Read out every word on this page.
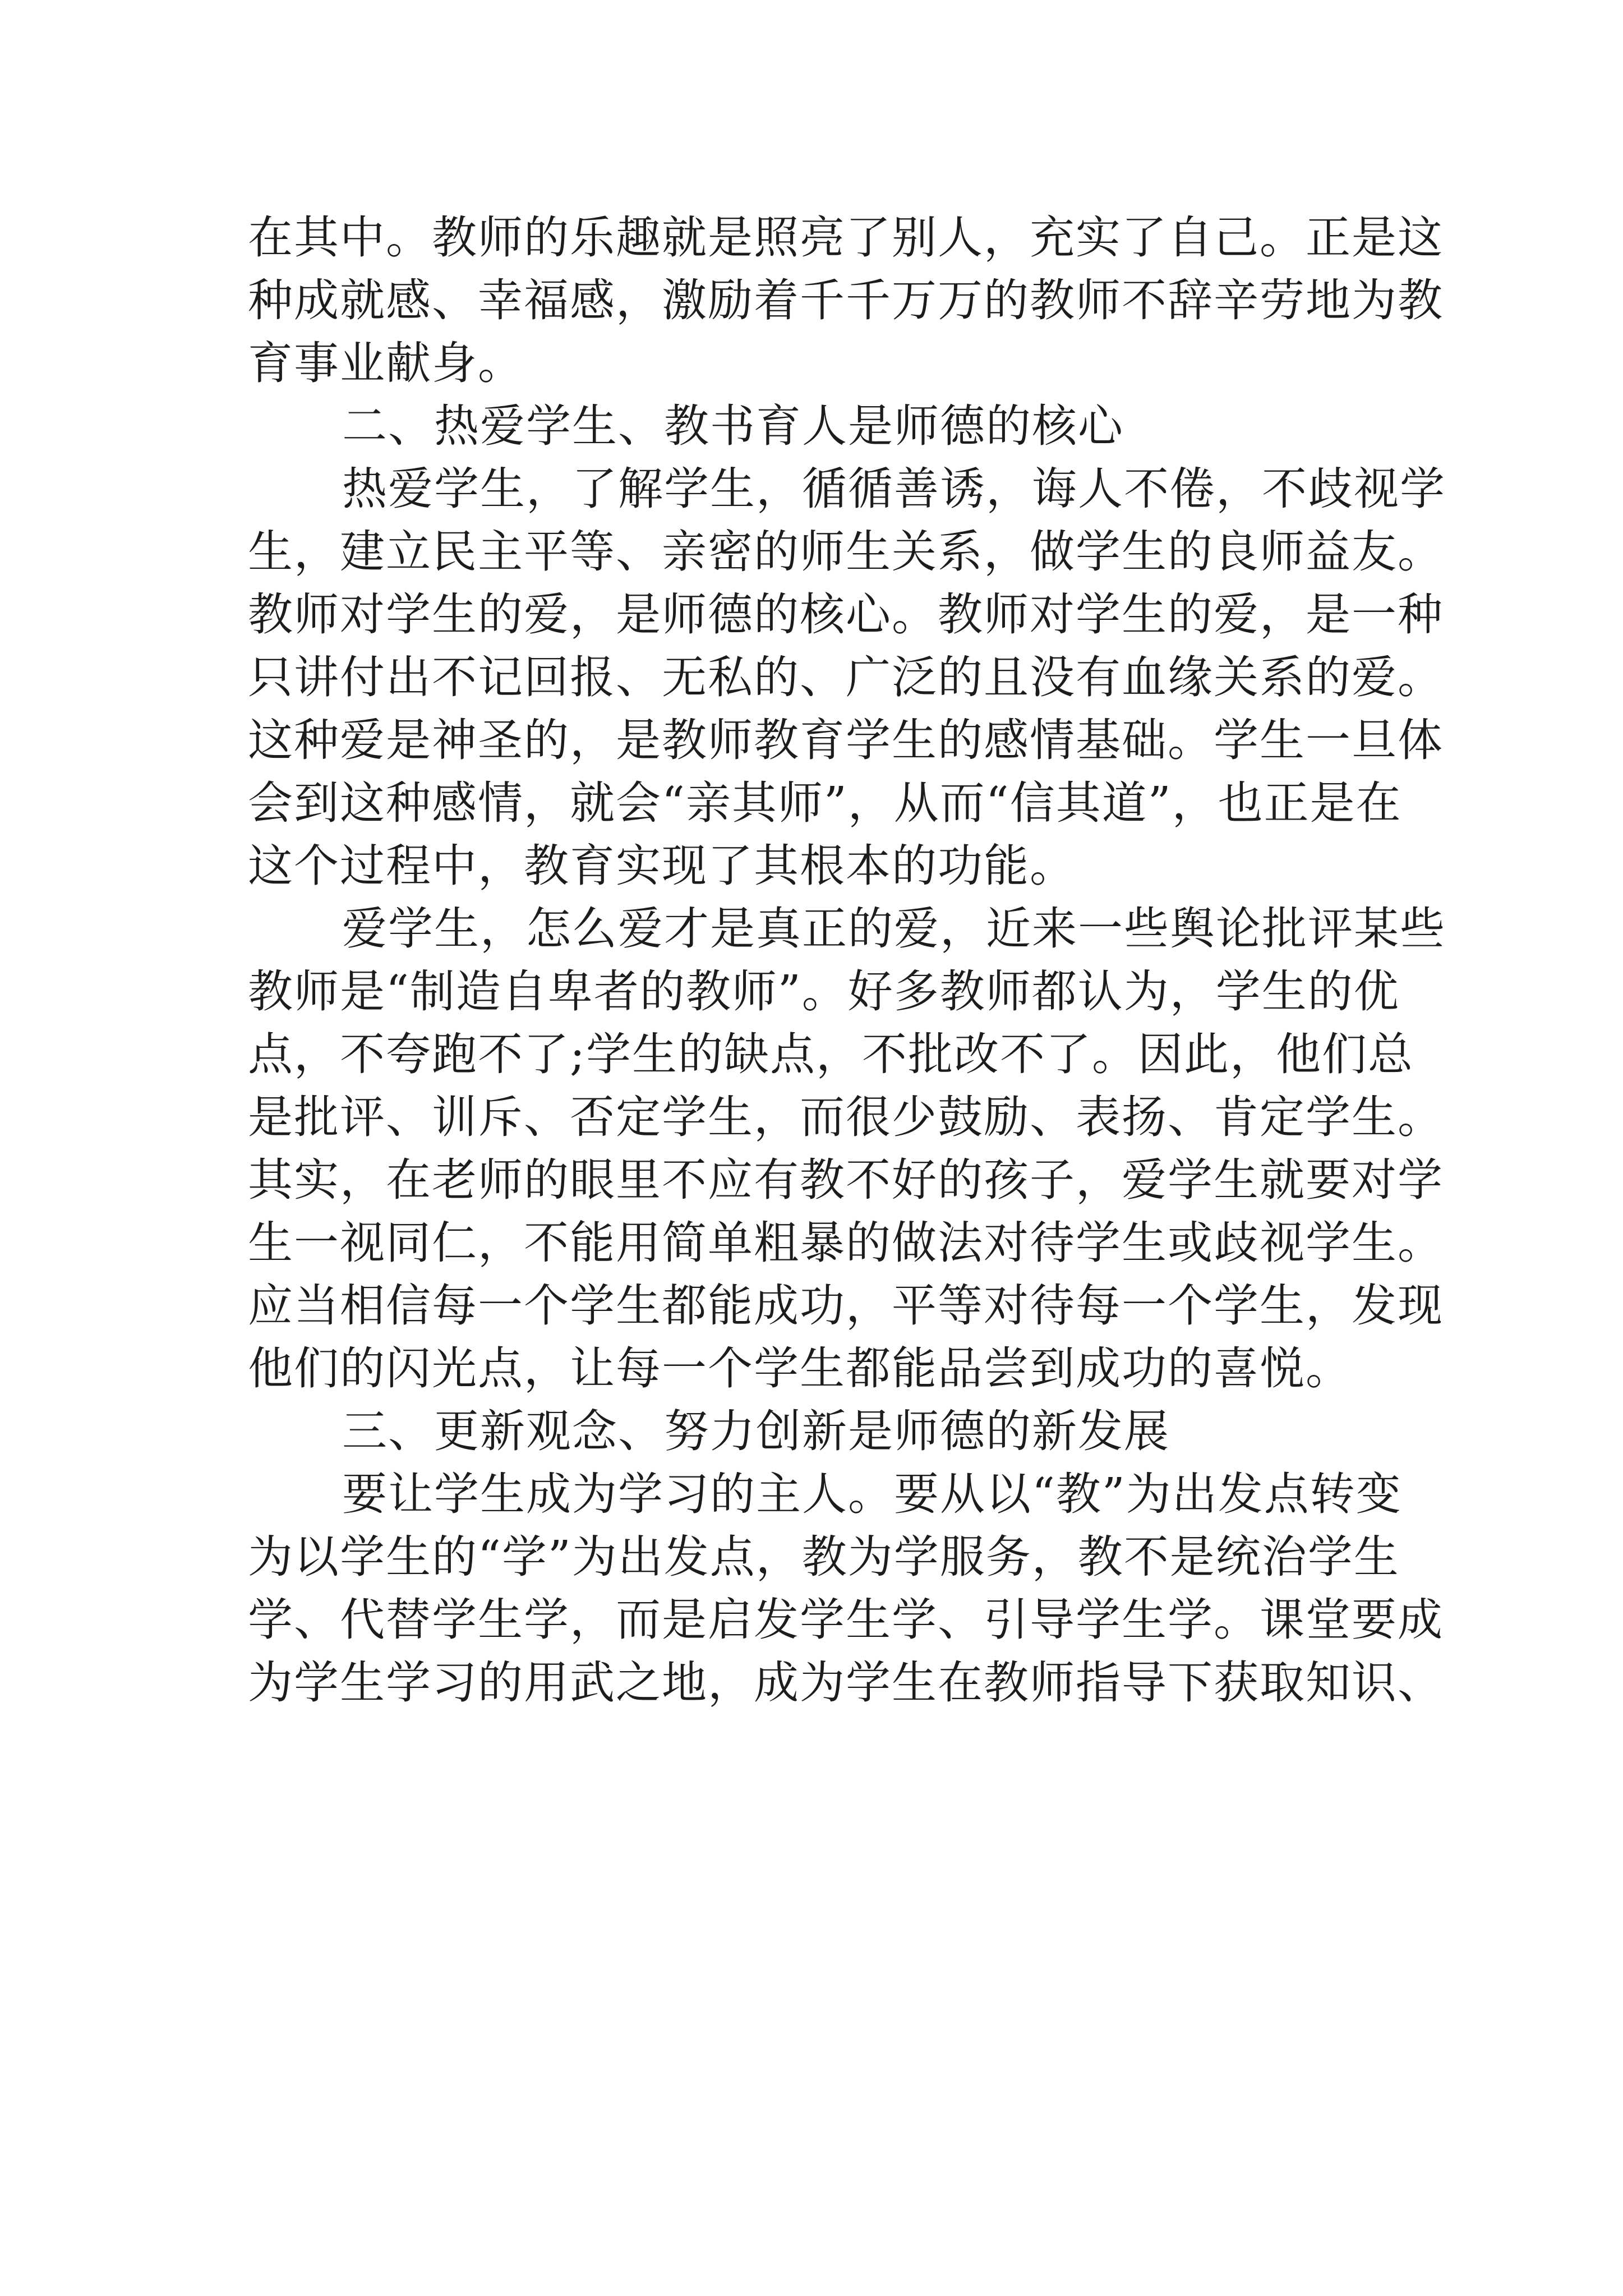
在其中。教师的乐趣就是照亮了别人，充实了自己。正是这
种成就感、幸福感，激励着千千万万的教师不辞辛劳地为教
育事业献身。
二、热爱学生、教书育人是师德的核心
热爱学生，了解学生，循循善诱，诲人不倦，不歧视学
生，建立民主平等、亲密的师生关系，做学生的良师益友。
教师对学生的爱，是师德的核心。教师对学生的爱，是一种
只讲付出不记回报、无私的、广泛的且没有血缘关系的爱。
这种爱是神圣的，是教师教育学生的感情基础。学生一旦体
会到这种感情，就会“亲其师”，从而“信其道”，也正是在
这个过程中，教育实现了其根本的功能。
爱学生，怎么爱才是真正的爱，近来一些舆论批评某些
教师是“制造自卑者的教师”。好多教师都认为，学生的优
点，不夸跑不了;学生的缺点，不批改不了。因此，他们总
是批评、训斥、否定学生，而很少鼓励、表扬、肯定学生。
其实，在老师的眼里不应有教不好的孩子，爱学生就要对学
生一视同仁，不能用简单粗暴的做法对待学生或歧视学生。
应当相信每一个学生都能成功，平等对待每一个学生，发现
他们的闪光点，让每一个学生都能品尝到成功的喜悦。
三、更新观念、努力创新是师德的新发展
要让学生成为学习的主人。要从以“教”为出发点转变
为以学生的“学”为出发点，教为学服务，教不是统治学生
学、代替学生学，而是启发学生学、引导学生学。课堂要成
为学生学习的用武之地，成为学生在教师指导下获取知识、
